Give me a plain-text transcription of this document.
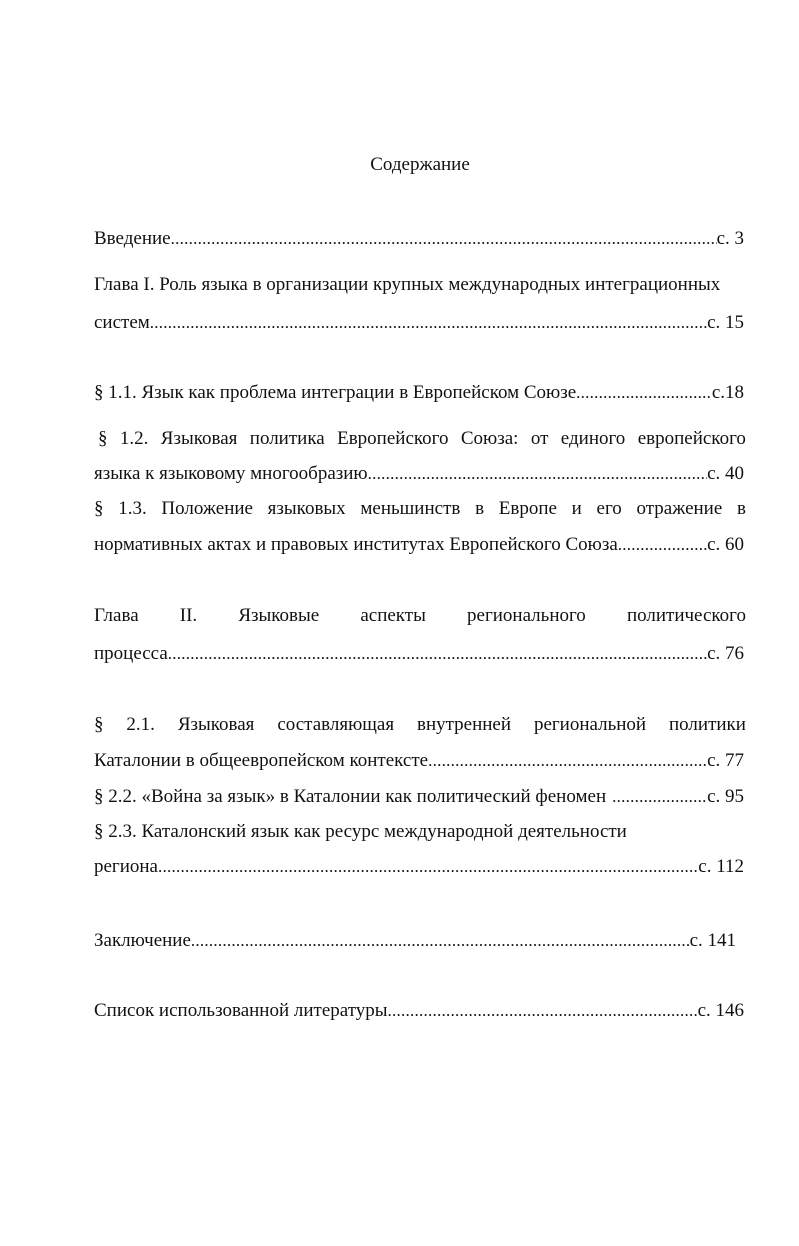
Содержание
Введение . . .	с. 3
Глава I. Роль языка в организации крупных международных интеграционных
систем . . .	с. 15
§ 1.1. Язык как проблема интеграции в Европейском Союзе . . .	с.18
§ 1.2. Языковая политика Европейского Союза: от единого европейского
языка к языковому многообразию . . .	с. 40
§ 1.3. Положение языковых меньшинств в Европе и его отражение в
нормативных актах и правовых институтах Европейского Союза . . .	с. 60
Глава II. Языковые аспекты регионального политического
процесса . . .	с. 76
§ 2.1. Языковая составляющая внутренней региональной политики
Каталонии в общеевропейском контексте . . .	с. 77
§ 2.2. «Война за язык» в Каталонии как политический феномен . . .	с. 95
§ 2.3. Каталонский язык как ресурс международной деятельности
региона . . .	с. 112
Заключение . . .	с. 141
Список использованной литературы . . .	с. 146
